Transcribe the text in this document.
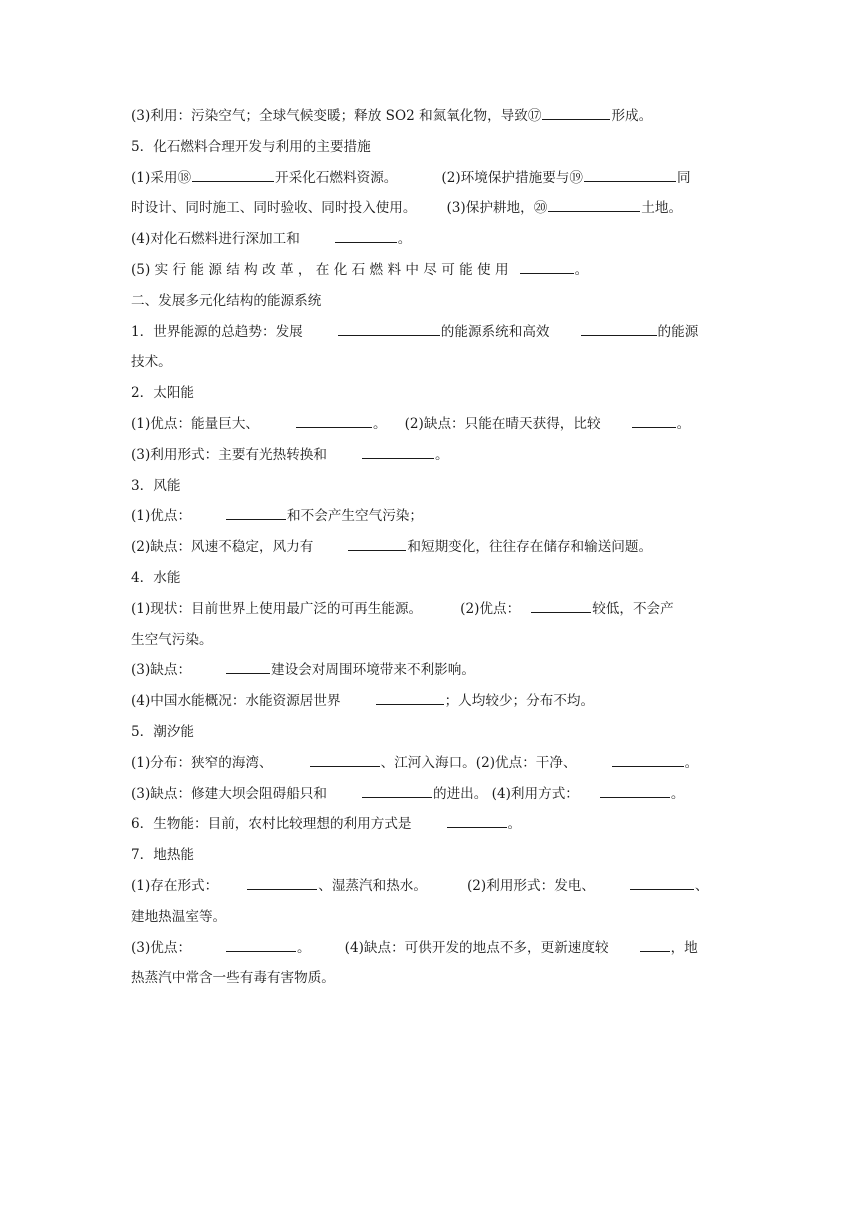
(3)利用：污染空气；全球气候变暖；释放 SO2 和氮氧化物，导致⑰	形成。
5．化石燃料合理开发与利用的主要措施
(1)采用⑱	开采化石燃料资源。	(2)环境保护措施要与⑲	同
时设计、同时施工、同时验收、同时投入使用。 (3)保护耕地，⑳	土地。
(4)对化石燃料进行深加工和	。
(5) 实 行 能 源 结 构 改 革 ， 在 化 石 燃 料 中 尽 可 能 使 用	。
二、发展多元化结构的能源系统
1．世界能源的总趋势：发展	的能源系统和高效	的能源
技术。
2．太阳能
(1)优点：能量巨大、	。 (2)缺点：只能在晴天获得，比较	。
(3)利用形式：主要有光热转换和	。
3．风能
(1)优点：	和不会产生空气污染；
(2)缺点：风速不稳定，风力有	和短期变化，往往存在储存和输送问题。
4．水能
(1)现状：目前世界上使用最广泛的可再生能源。	(2)优点：	较低，不会产
生空气污染。
(3)缺点：	建设会对周围环境带来不利影响。
(4)中国水能概况：水能资源居世界	；人均较少；分布不均。
5．潮汐能
(1)分布：狭窄的海湾、	、江河入海口。(2)优点：干净、	。
(3)缺点：修建大坝会阻碍船只和	的进出。 (4)利用方式：	。
6．生物能：目前，农村比较理想的利用方式是	。
7．地热能
(1)存在形式：	、湿蒸汽和热水。	(2)利用形式：发电、	、
建地热温室等。
(3)优点：	。	(4)缺点：可供开发的地点不多，更新速度较	，地
热蒸汽中常含一些有毒有害物质。
